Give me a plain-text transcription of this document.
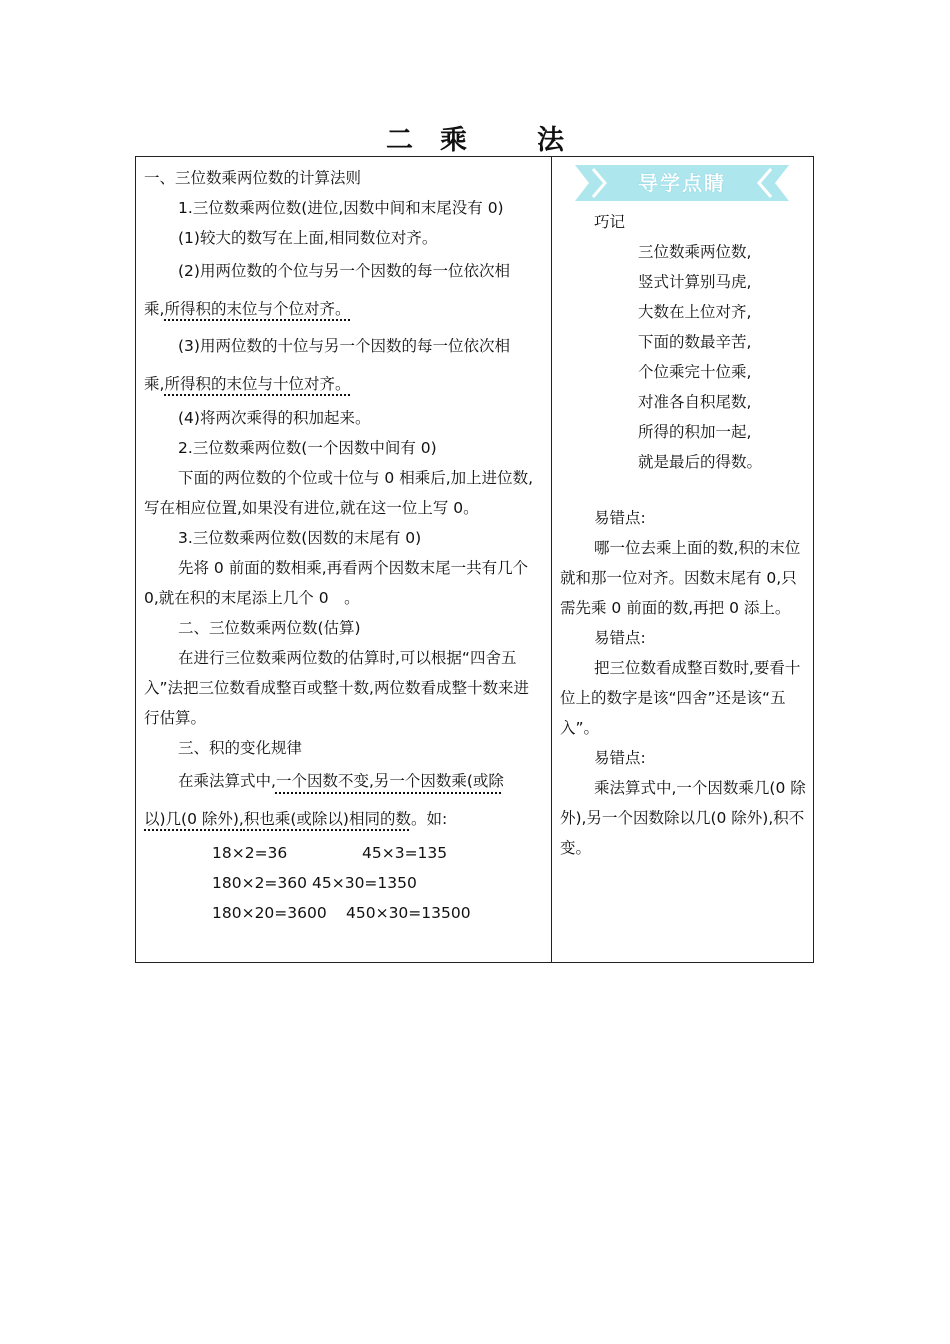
二　乘	法

一、三位数乘两位数的计算法则

1.三位数乘两位数(进位,因数中间和末尾没有 0)

(1)较大的数写在上面,相同数位对齐。

(2)用两位数的个位与另一个因数的每一位依次相

乘,所得积的末位与个位对齐。

(3)用两位数的十位与另一个因数的每一位依次相

乘,所得积的末位与十位对齐。

(4)将两次乘得的积加起来。

2.三位数乘两位数(一个因数中间有 0)

下面的两位数的个位或十位与 0 相乘后,加上进位数,写在相应位置,如果没有进位,就在这一位上写 0。

3.三位数乘两位数(因数的末尾有 0)

先将 0 前面的数相乘,再看两个因数末尾一共有几个 0,就在积的末尾添上几个 0　。

二、三位数乘两位数(估算)

在进行三位数乘两位数的估算时,可以根据“四舍五入”法把三位数看成整百或整十数,两位数看成整十数来进行估算。

三、积的变化规律

在乘法算式中,一个因数不变,另一个因数乘(或除

以)几(0 除外),积也乘(或除以)相同的数。如:

18×2=36	45×3=135

180×2=360 45×30=1350

180×20=3600 450×30=13500

导学点睛

巧记

三位数乘两位数,

竖式计算别马虎,

大数在上位对齐,

下面的数最辛苦,

个位乘完十位乘,

对准各自积尾数,

所得的积加一起,

就是最后的得数。

易错点:

哪一位去乘上面的数,积的末位就和那一位对齐。因数末尾有 0,只需先乘 0 前面的数,再把 0 添上。

易错点:

把三位数看成整百数时,要看十位上的数字是该“四舍”还是该“五入”。

易错点:

乘法算式中,一个因数乘几(0 除外),另一个因数除以几(0 除外),积不变。
